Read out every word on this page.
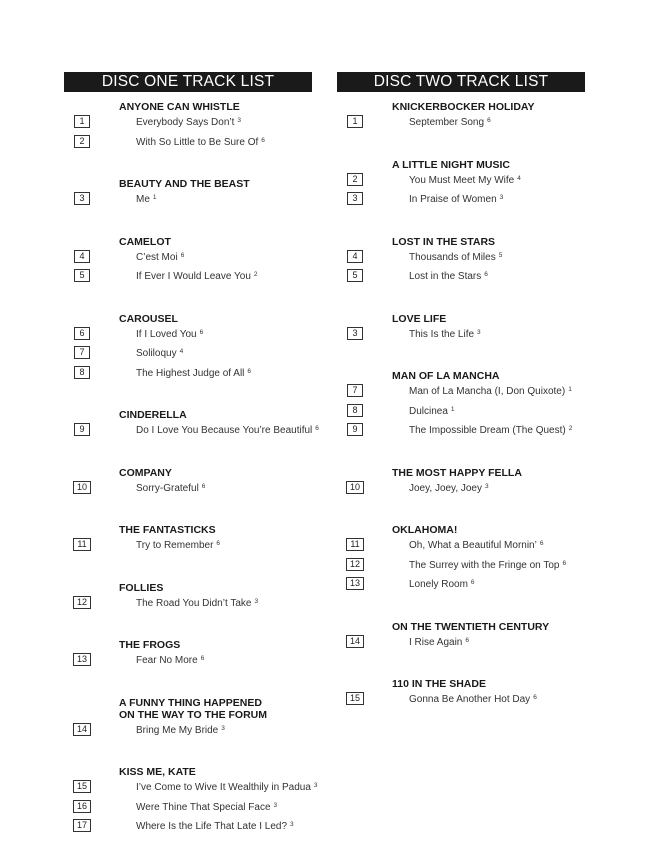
DISC ONE TRACK LIST
ANYONE CAN WHISTLE
1	Everybody Says Don’t $^3$
2	With So Little to Be Sure Of $^6$
BEAUTY AND THE BEAST
3	Me $^1$
CAMELOT
4	C’est Moi $^6$
5	If Ever I Would Leave You $^2$
CAROUSEL
6	If I Loved You $^6$
7	Soliloquy $^4$
8	The Highest Judge of All $^6$
CINDERELLA
9	Do I Love You Because You’re Beautiful $^6$
COMPANY
10	Sorry-Grateful $^6$
THE FANTASTICKS
11	Try to Remember $^6$
FOLLIES
12	The Road You Didn’t Take $^3$
THE FROGS
13	Fear No More $^6$
A FUNNY THING HAPPENED
ON THE WAY TO THE FORUM
14	Bring Me My Bride $^3$
KISS ME, KATE
15	I’ve Come to Wive It Wealthily in Padua $^3$
16	Were Thine That Special Face $^3$
17	Where Is the Life That Late I Led? $^3$
DISC TWO TRACK LIST
KNICKERBOCKER HOLIDAY
1	September Song $^6$
A LITTLE NIGHT MUSIC
2	You Must Meet My Wife $^4$
3	In Praise of Women $^3$
LOST IN THE STARS
4	Thousands of Miles $^5$
5	Lost in the Stars $^6$
LOVE LIFE
3	This Is the Life $^3$
MAN OF LA MANCHA
7	Man of La Mancha (I, Don Quixote) $^1$
8	Dulcinea $^1$
9	The Impossible Dream (The Quest) $^2$
THE MOST HAPPY FELLA
10	Joey, Joey, Joey $^3$
OKLAHOMA!
11	Oh, What a Beautiful Mornin’ $^6$
12	The Surrey with the Fringe on Top $^6$
13	Lonely Room $^6$
ON THE TWENTIETH CENTURY
14	I Rise Again $^6$
110 IN THE SHADE
15	Gonna Be Another Hot Day $^6$
